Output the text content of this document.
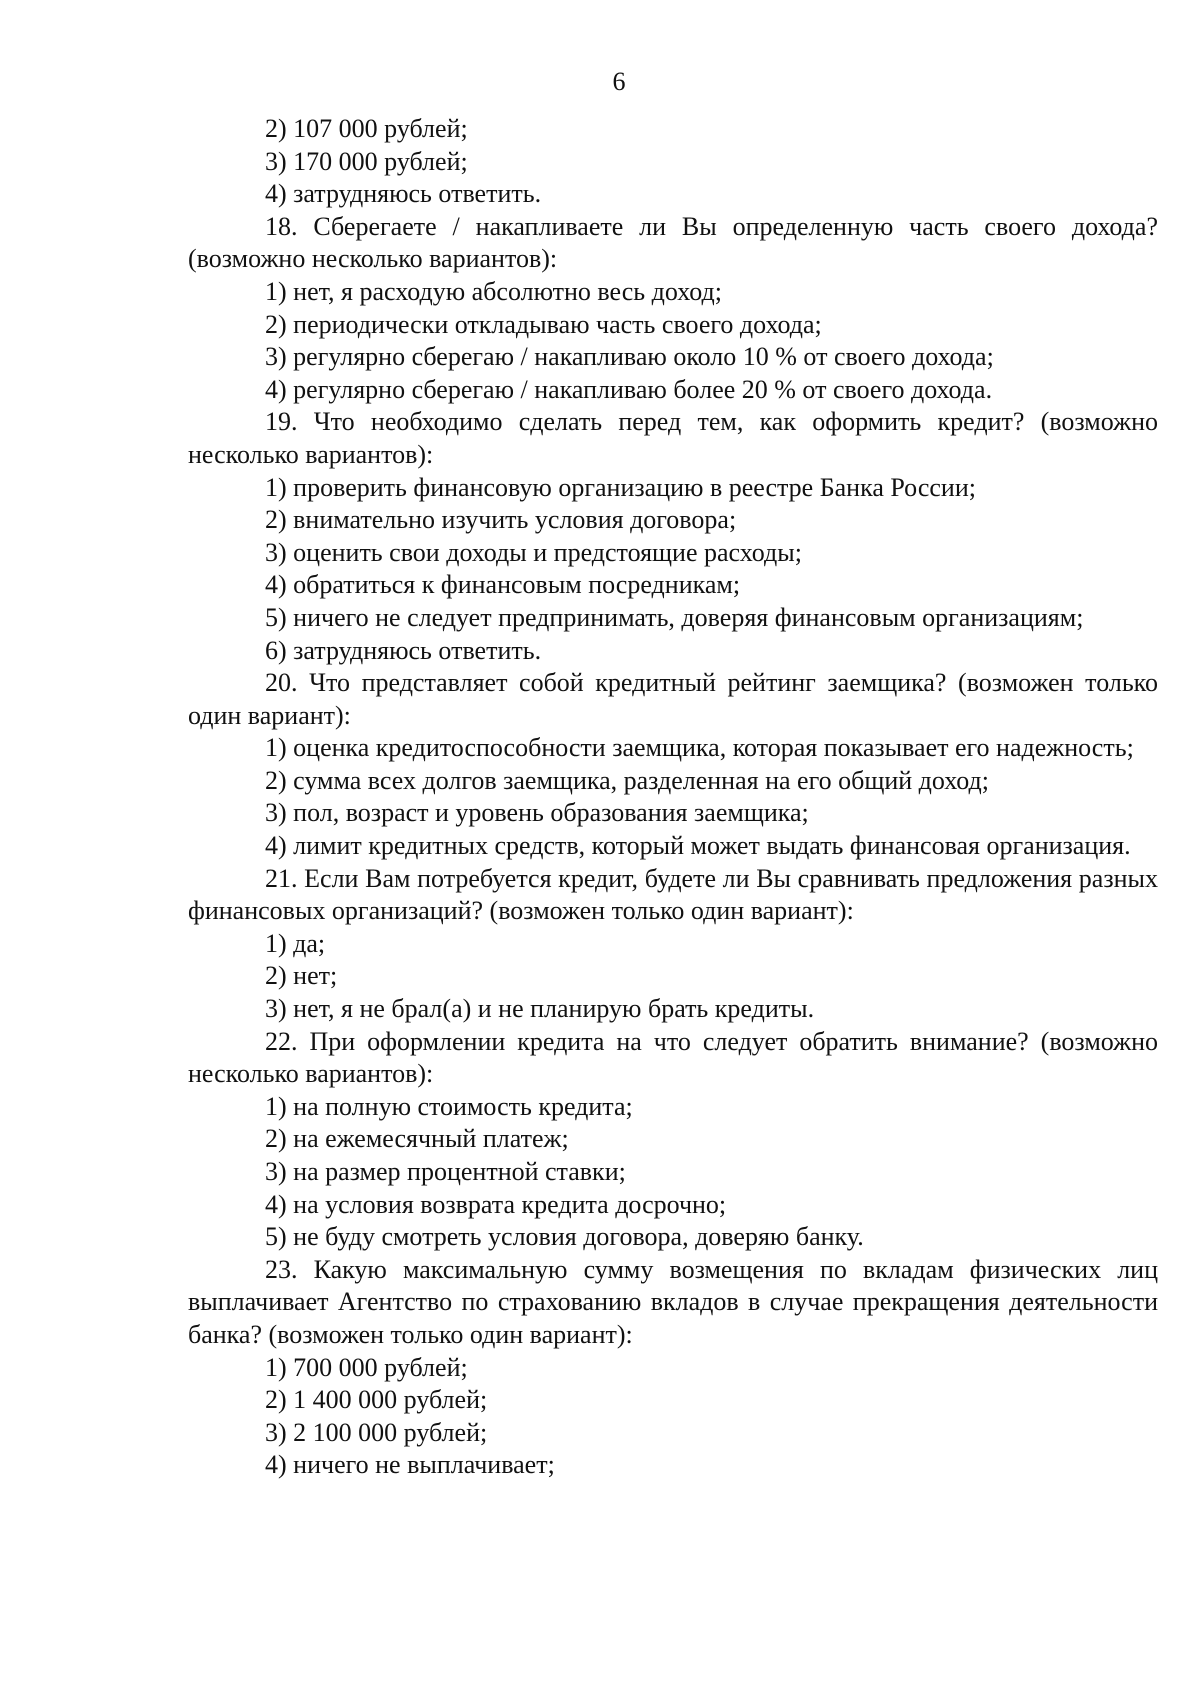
6
2) 107 000 рублей;
3) 170 000 рублей;
4) затрудняюсь ответить.
18. Сберегаете / накапливаете ли Вы определенную часть своего дохода? (возможно несколько вариантов):
1) нет, я расходую абсолютно весь доход;
2) периодически откладываю часть своего дохода;
3) регулярно сберегаю / накапливаю около 10 % от своего дохода;
4) регулярно сберегаю / накапливаю более 20 % от своего дохода.
19. Что необходимо сделать перед тем, как оформить кредит? (возможно несколько вариантов):
1) проверить финансовую организацию в реестре Банка России;
2) внимательно изучить условия договора;
3) оценить свои доходы и предстоящие расходы;
4) обратиться к финансовым посредникам;
5) ничего не следует предпринимать, доверяя финансовым организациям;
6) затрудняюсь ответить.
20. Что представляет собой кредитный рейтинг заемщика? (возможен только один вариант):
1) оценка кредитоспособности заемщика, которая показывает его надежность;
2) сумма всех долгов заемщика, разделенная на его общий доход;
3) пол, возраст и уровень образования заемщика;
4) лимит кредитных средств, который может выдать финансовая организация.
21. Если Вам потребуется кредит, будете ли Вы сравнивать предложения разных финансовых организаций? (возможен только один вариант):
1) да;
2) нет;
3) нет, я не брал(а) и не планирую брать кредиты.
22. При оформлении кредита на что следует обратить внимание? (возможно несколько вариантов):
1) на полную стоимость кредита;
2) на ежемесячный платеж;
3) на размер процентной ставки;
4) на условия возврата кредита досрочно;
5) не буду смотреть условия договора, доверяю банку.
23. Какую максимальную сумму возмещения по вкладам физических лиц выплачивает Агентство по страхованию вкладов в случае прекращения деятельности банка? (возможен только один вариант):
1) 700 000 рублей;
2) 1 400 000 рублей;
3) 2 100 000 рублей;
4) ничего не выплачивает;
